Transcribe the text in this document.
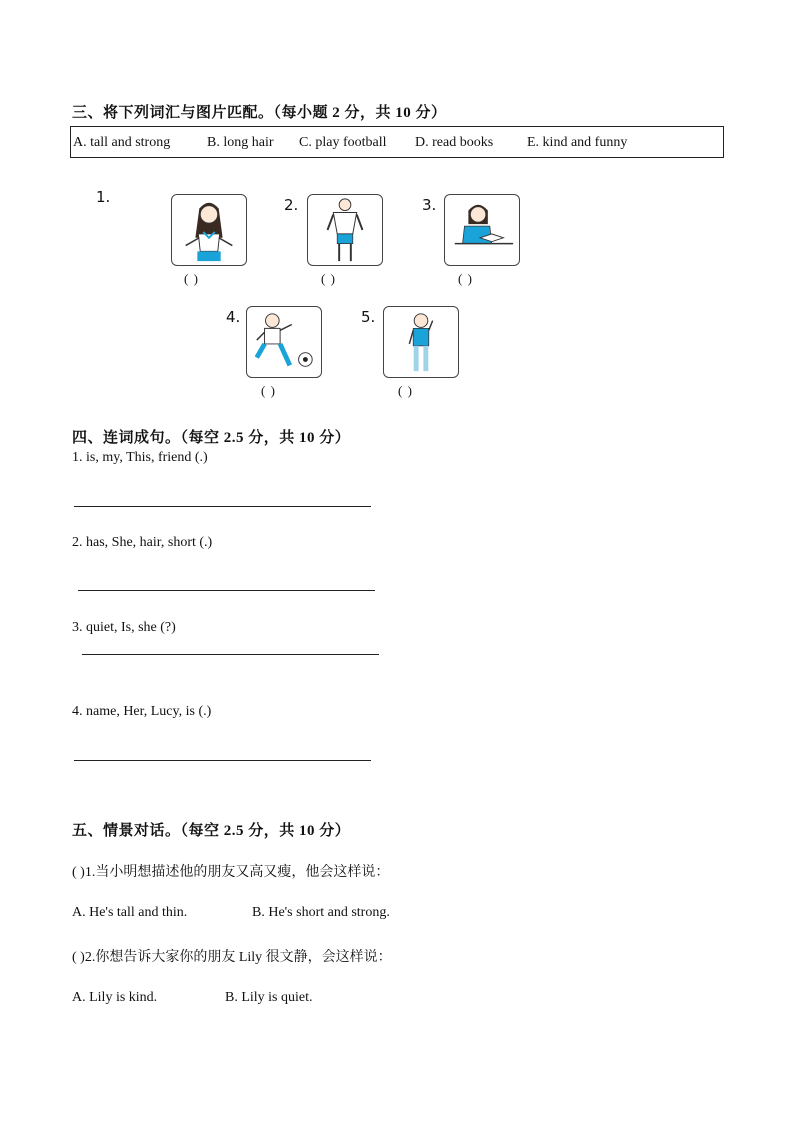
三、将下列词汇与图片匹配。（每小题 2 分，共 10 分）
A. tall and strong	B. long hair C. play football D. read books E. kind and funny
1.
( )
2.
( )
3.
( )
4.
( )
5.
( )
四、连词成句。（每空 2.5 分，共 10 分）
1. is, my, This, friend (.)
2. has, She, hair, short (.)
3. quiet, Is, she (?)
4. name, Her, Lucy, is (.)
五、情景对话。（每空 2.5 分，共 10 分）
( )1.当小明想描述他的朋友又高又瘦，他会这样说：
A. He's tall and thin.	B. He's short and strong.
( )2.你想告诉大家你的朋友 Lily 很文静，会这样说：
A. Lily is kind.	B. Lily is quiet.
